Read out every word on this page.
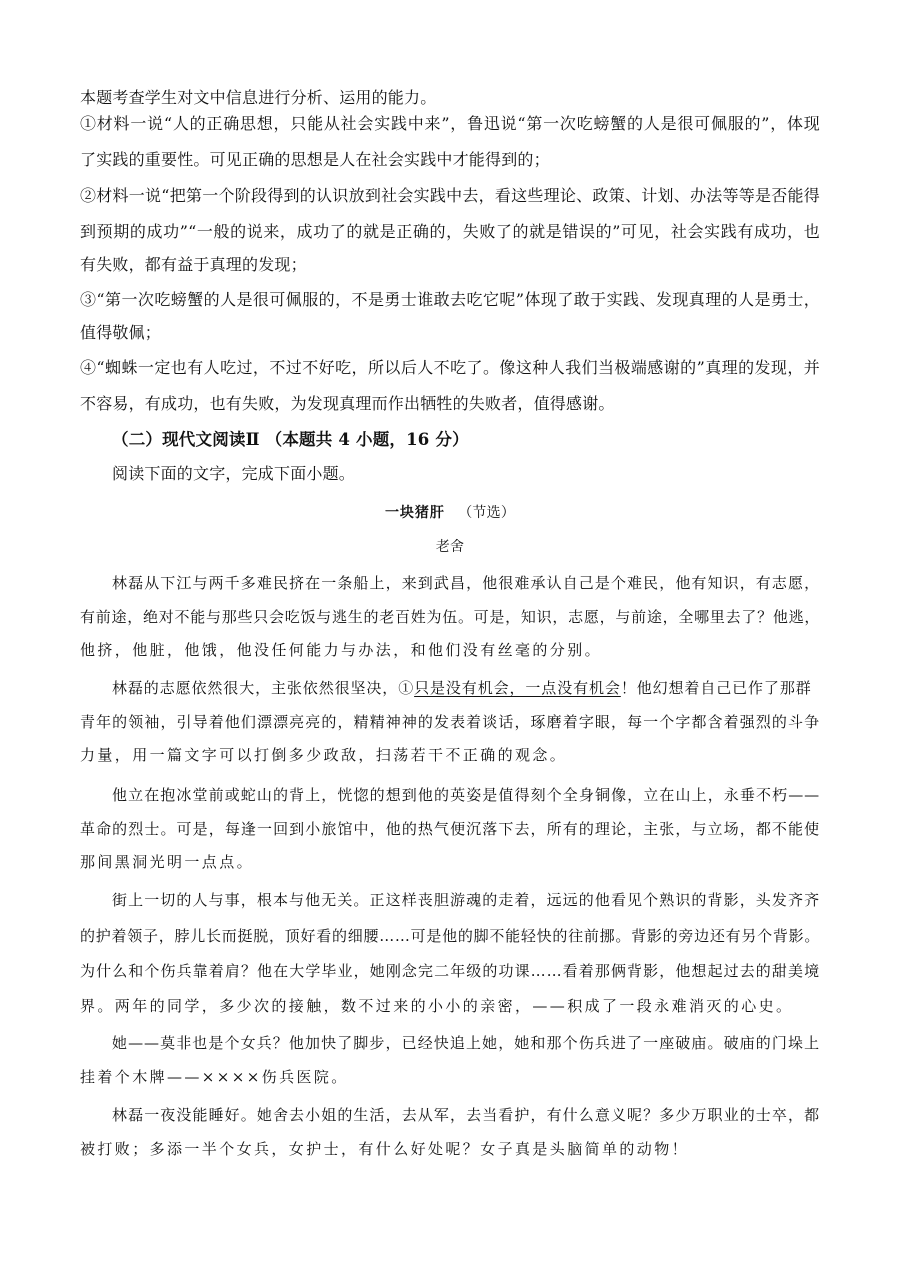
本题考查学生对文中信息进行分析、运用的能力。
①材料一说“人的正确思想，只能从社会实践中来”，鲁迅说“第一次吃螃蟹的人是很可佩服的”，体现
了实践的重要性。可见正确的思想是人在社会实践中才能得到的；
②材料一说“把第一个阶段得到的认识放到社会实践中去，看这些理论、政策、计划、办法等等是否能得
到预期的成功”“一般的说来，成功了的就是正确的，失败了的就是错误的”可见，社会实践有成功，也
有失败，都有益于真理的发现；
③“第一次吃螃蟹的人是很可佩服的，不是勇士谁敢去吃它呢”体现了敢于实践、发现真理的人是勇士，
值得敬佩；
④“蜘蛛一定也有人吃过，不过不好吃，所以后人不吃了。像这种人我们当极端感谢的”真理的发现，并
不容易，有成功，也有失败，为发现真理而作出牺牲的失败者，值得感谢。
（二）现代文阅读Ⅱ （本题共 4 小题，16 分）
阅读下面的文字，完成下面小题。
一块猪肝 （节选）
老舍
林磊从下江与两千多难民挤在一条船上，来到武昌，他很难承认自己是个难民，他有知识，有志愿，
有前途，绝对不能与那些只会吃饭与逃生的老百姓为伍。可是，知识，志愿，与前途，全哪里去了？他逃，
他挤，他脏，他饿，他没任何能力与办法，和他们没有丝毫的分别。
林磊的志愿依然很大，主张依然很坚决，①只是没有机会，一点没有机会！他幻想着自己已作了那群
青年的领袖，引导着他们漂漂亮亮的，精精神神的发表着谈话，琢磨着字眼，每一个字都含着强烈的斗争
力量，用一篇文字可以打倒多少政敌，扫荡若干不正确的观念。
他立在抱冰堂前或蛇山的背上，恍惚的想到他的英姿是值得刻个全身铜像，立在山上，永垂不朽——
革命的烈士。可是，每逢一回到小旅馆中，他的热气便沉落下去，所有的理论，主张，与立场，都不能使
那间黑洞光明一点点。
街上一切的人与事，根本与他无关。正这样丧胆游魂的走着，远远的他看见个熟识的背影，头发齐齐
的护着领子，脖儿长而挺脱，顶好看的细腰……可是他的脚不能轻快的往前挪。背影的旁边还有另个背影。
为什么和个伤兵靠着肩？他在大学毕业，她刚念完二年级的功课……看着那俩背影，他想起过去的甜美境
界。两年的同学，多少次的接触，数不过来的小小的亲密，——积成了一段永难消灭的心史。
她——莫非也是个女兵？他加快了脚步，已经快追上她，她和那个伤兵进了一座破庙。破庙的门垛上
挂着个木牌——××××伤兵医院。
林磊一夜没能睡好。她舍去小姐的生活，去从军，去当看护，有什么意义呢？多少万职业的士卒，都
被打败；多添一半个女兵，女护士，有什么好处呢？女子真是头脑简单的动物！
